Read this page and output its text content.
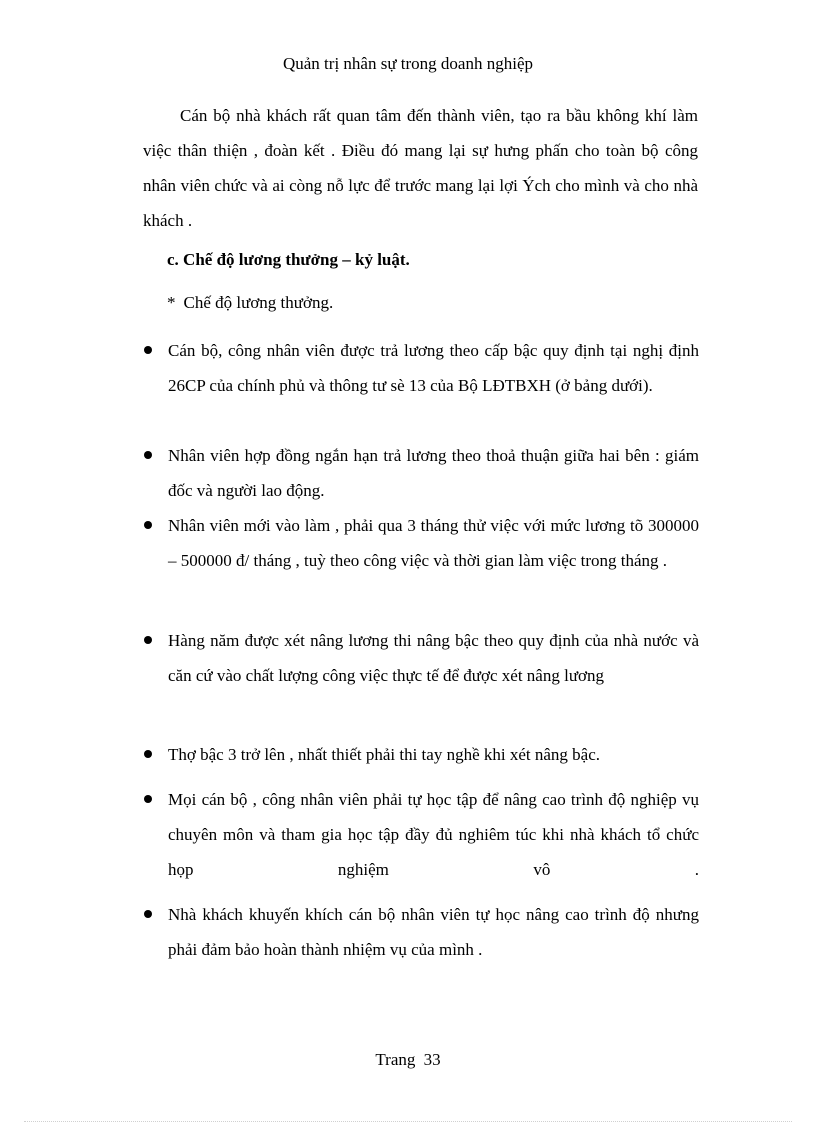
Quản trị nhân sự trong doanh nghiệp

Cán bộ nhà khách rất quan tâm đến thành viên, tạo ra bầu không khí làm việc thân thiện , đoàn kết . Điều đó mang lại sự hưng phấn cho toàn bộ công nhân viên chức và ai còng nỗ lực để trước mang lại lợi Ých cho mình và cho nhà khách .

c. Chế độ lương thưởng – kỷ luật.

* Chế độ lương thưởng.

Cán bộ, công nhân viên được trả lương theo cấp bậc quy định tại nghị định 26CP của chính phủ và thông tư sè 13 của Bộ LĐTBXH (ở bảng dưới).

Nhân viên hợp đồng ngắn hạn trả lương theo thoả thuận giữa hai bên : giám đốc và người lao động.

Nhân viên mới vào làm , phải qua 3 tháng thử việc với mức lương tõ 300000 – 500000 đ/ tháng , tuỳ theo công việc và thời gian làm việc trong tháng .

Hàng năm được xét nâng lương thi nâng bậc theo quy định của nhà nước và căn cứ vào chất lượng công việc thực tế để được xét nâng lương

Thợ bậc 3 trở lên , nhất thiết phải thi tay nghề khi xét nâng bậc.

Mọi cán bộ , công nhân viên phải tự học tập để nâng cao trình độ nghiệp vụ chuyên môn và tham gia học tập đầy đủ nghiêm túc khi nhà khách tổ chức họp nghiệm vô .

Nhà khách khuyến khích cán bộ nhân viên tự học nâng cao trình độ nhưng phải đảm bảo hoàn thành nhiệm vụ của mình .

Trang 33
